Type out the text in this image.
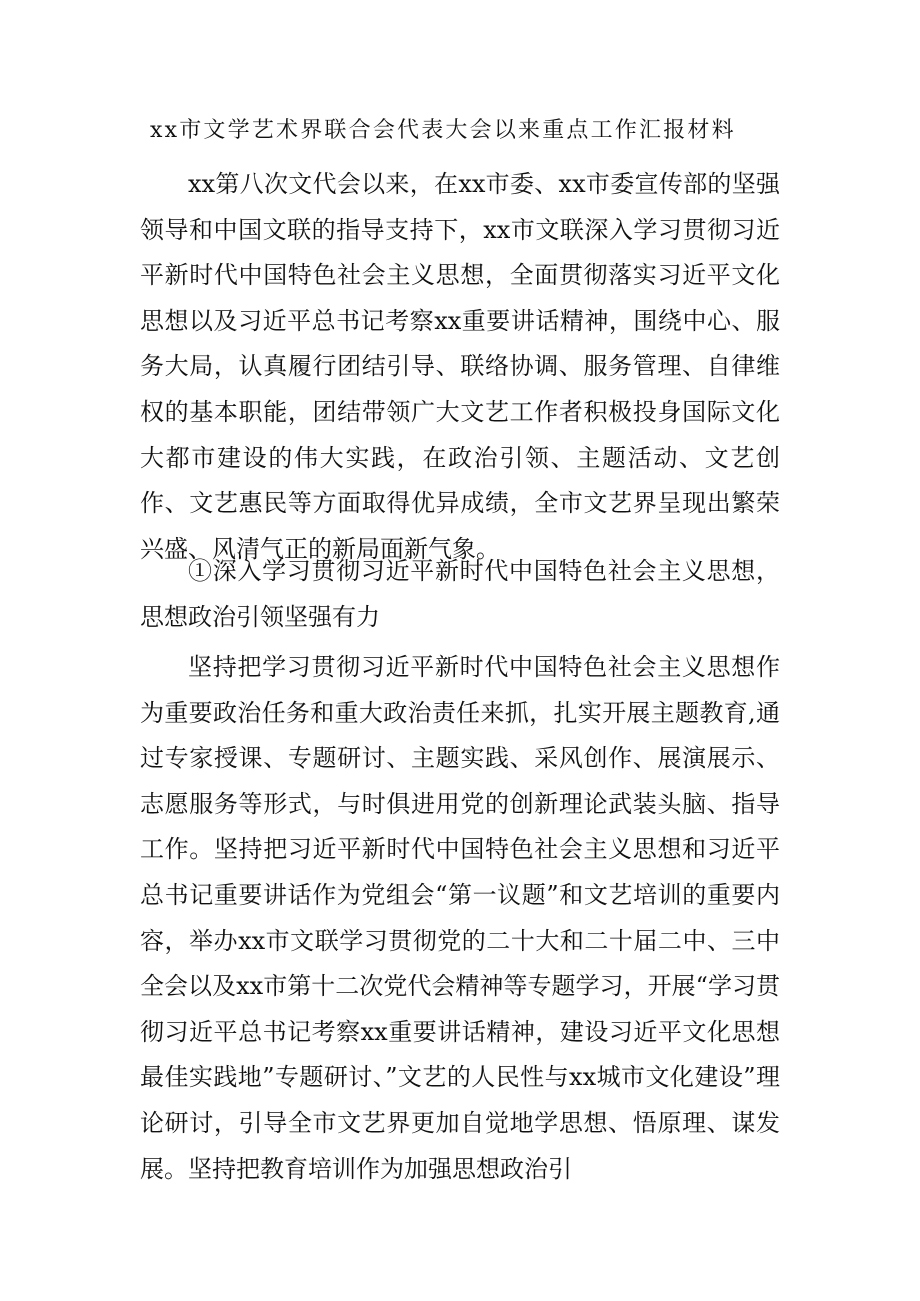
xx市文学艺术界联合会代表大会以来重点工作汇报材料

xx第八次文代会以来，在xx市委、xx市委宣传部的坚强领导和中国文联的指导支持下，xx市文联深入学习贯彻习近平新时代中国特色社会主义思想，全面贯彻落实习近平文化思想以及习近平总书记考察xx重要讲话精神，围绕中心、服务大局，认真履行团结引导、联络协调、服务管理、自律维权的基本职能，团结带领广大文艺工作者积极投身国际文化大都市建设的伟大实践，在政治引领、主题活动、文艺创作、文艺惠民等方面取得优异成绩，全市文艺界呈现出繁荣兴盛、风清气正的新局面新气象。

①深入学习贯彻习近平新时代中国特色社会主义思想，思想政治引领坚强有力

坚持把学习贯彻习近平新时代中国特色社会主义思想作为重要政治任务和重大政治责任来抓，扎实开展主题教育,通过专家授课、专题研讨、主题实践、采风创作、展演展示、志愿服务等形式，与时俱进用党的创新理论武装头脑、指导工作。坚持把习近平新时代中国特色社会主义思想和习近平总书记重要讲话作为党组会“第一议题”和文艺培训的重要内容，举办xx市文联学习贯彻党的二十大和二十届二中、三中全会以及xx市第十二次党代会精神等专题学习，开展“学习贯彻习近平总书记考察xx重要讲话精神，建设习近平文化思想最佳实践地”专题研讨、”文艺的人民性与xx城市文化建设”理论研讨，引导全市文艺界更加自觉地学思想、悟原理、谋发展。坚持把教育培训作为加强思想政治引
